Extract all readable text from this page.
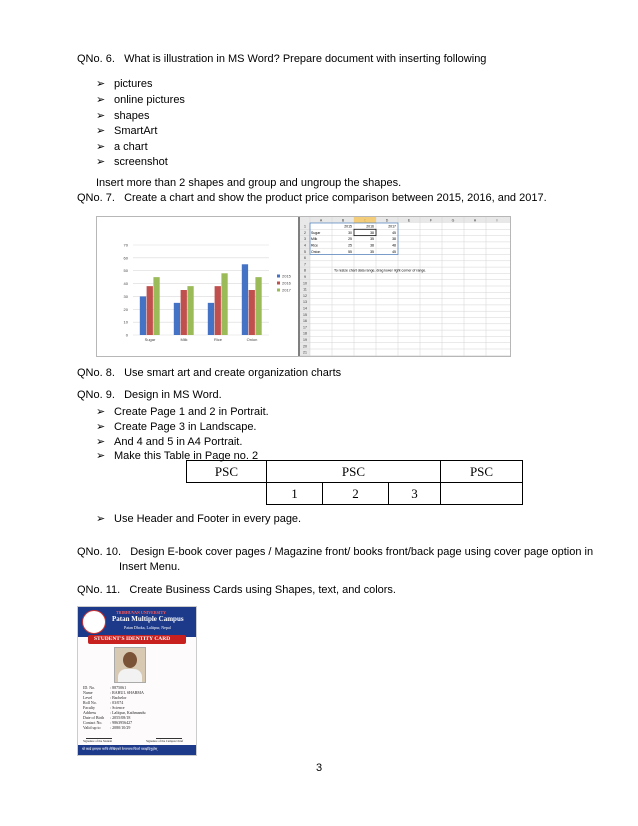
QNo. 6. What is illustration in MS Word? Prepare document with inserting following
➢ pictures
➢ online pictures
➢ shapes
➢ SmartArt
➢ a chart
➢ screenshot
Insert more than 2 shapes and group and ungroup the shapes.
QNo. 7. Create a chart and show the product price comparison between 2015, 2016, and 2017.
0
10
20
30
40
50
60
70
Sugar	Milk	Rice	Onion
2015
2016
2017
A	B	D	E	F	G	H	I
1
2
3
4
5
6
7
8
9
10
11
12
13
14
15
16
17
18
19
20
21
2015	2016	2017
Sugar	30	38	45
Milk	25	35	38
Rice	25	38	48
Onion	55	35	45
To resize chart data range, drag lower right corner of range.
QNo. 8. Use smart art and create organization charts
QNo. 9. Design in MS Word.
➢ Create Page 1 and 2 in Portrait.
➢ Create Page 3 in Landscape.
➢ And 4 and 5 in A4 Portrait.
➢ Make this Table in Page no. 2
PSC	PSC			PSC
	1	2	3	
➢ Use Header and Footer in every page.
QNo. 10. Design E-book cover pages / Magazine front/ books front/back page using cover page option in
Insert Menu.
QNo. 11. Create Business Cards using Shapes, text, and colors.
TRIBHUVAN UNIVERSITY
Patan Multiple Campus
Patan Dhoka, Lalitpur, Nepal
STUDENT'S IDENTITY CARD
ID. No.	: 8875061
Name	: RAHUL SHARMA
Level	: Bachelor
Roll No.	: 03/074
Faculty	: Science
Address	: Lalitpur, Kathmandu
Date of Birth : 2055/08/18
Contact No. : 9863956427
Valid up to : 2080/10/29
Signature of the Student	Signature of the Campus Chief
यो कार्ड हराएमा माथि लेखिएको ठेगानामा फिर्ता पठाइदिनुहोस्
3
